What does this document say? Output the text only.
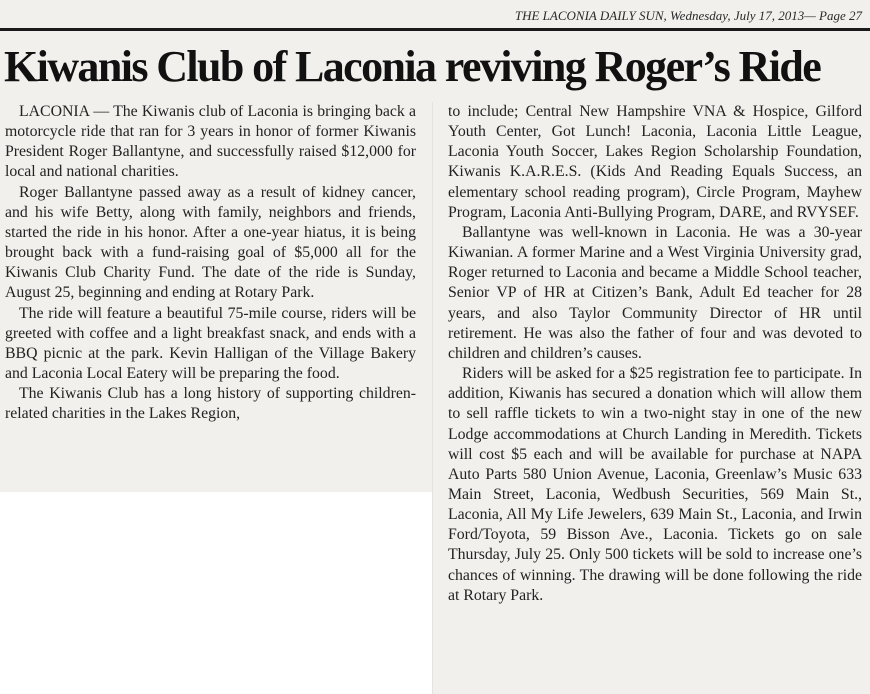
THE LACONIA DAILY SUN, Wednesday, July 17, 2013— Page 27
Kiwanis Club of Laconia reviving Roger’s Ride

LACONIA — The Kiwanis club of Laconia is bringing back a motorcycle ride that ran for 3 years in honor of former Kiwanis President Roger Ballantyne, and successfully raised $12,000 for local and national charities.

Roger Ballantyne passed away as a result of kidney cancer, and his wife Betty, along with family, neighbors and friends, started the ride in his honor. After a one-year hiatus, it is being brought back with a fund-raising goal of $5,000 all for the Kiwanis Club Charity Fund. The date of the ride is Sunday, August 25, beginning and ending at Rotary Park.

The ride will feature a beautiful 75-mile course, riders will be greeted with coffee and a light breakfast snack, and ends with a BBQ picnic at the park. Kevin Halligan of the Village Bakery and Laconia Local Eatery will be preparing the food.

The Kiwanis Club has a long history of supporting children-related charities in the Lakes Region,

to include; Central New Hampshire VNA & Hospice, Gilford Youth Center, Got Lunch! Laconia, Laconia Little League, Laconia Youth Soccer, Lakes Region Scholarship Foundation, Kiwanis K.A.R.E.S. (Kids And Reading Equals Success, an elementary school reading program), Circle Program, Mayhew Program, Laconia Anti-Bullying Program, DARE, and RVYSEF.

Ballantyne was well-known in Laconia. He was a 30-year Kiwanian. A former Marine and a West Virginia University grad, Roger returned to Laconia and became a Middle School teacher, Senior VP of HR at Citizen’s Bank, Adult Ed teacher for 28 years, and also Taylor Community Director of HR until retirement. He was also the father of four and was devoted to children and children’s causes.

Riders will be asked for a $25 registration fee to participate. In addition, Kiwanis has secured a donation which will allow them to sell raffle tickets to win a two-night stay in one of the new Lodge accommodations at Church Landing in Meredith. Tickets will cost $5 each and will be available for purchase at NAPA Auto Parts 580 Union Avenue, Laconia, Greenlaw’s Music 633 Main Street, Laconia, Wedbush Securities, 569 Main St., Laconia, All My Life Jewelers, 639 Main St., Laconia, and Irwin Ford/Toyota, 59 Bisson Ave., Laconia. Tickets go on sale Thursday, July 25. Only 500 tickets will be sold to increase one’s chances of winning. The drawing will be done following the ride at Rotary Park.
